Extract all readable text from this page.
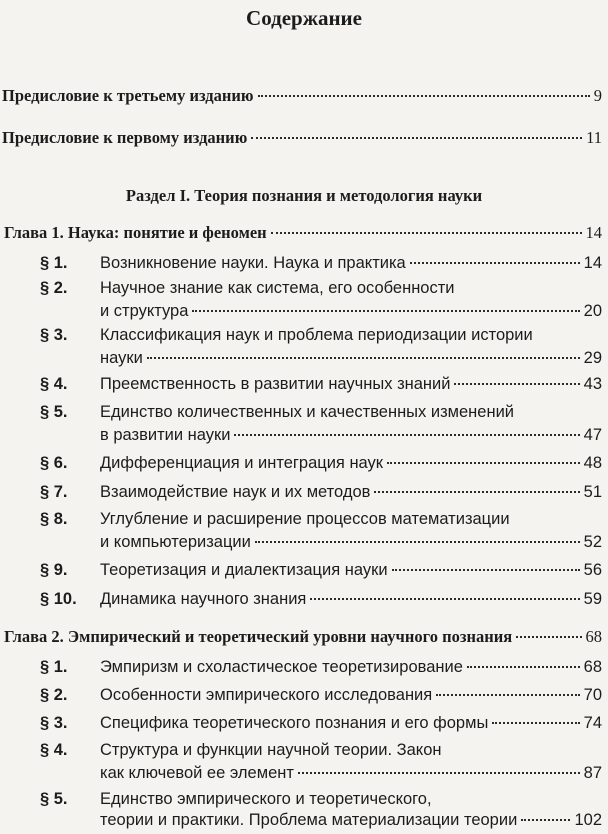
Содержание
Предисловие к третьему изданию	9
Предисловие к первому изданию	11
Раздел I. Теория познания и методология науки
Глава 1. Наука: понятие и феномен	14
§ 1.	Возникновение науки. Наука и практика	14
§ 2. Научное знание как система, его особенности
и структура	20
§ 3. Классификация наук и проблема периодизации истории
науки	29
§ 4.	Преемственность в развитии научных знаний	43
§ 5. Единство количественных и качественных изменений
в развитии науки	47
§ 6.	Дифференциация и интеграция наук	48
§ 7.	Взаимодействие наук и их методов	51
§ 8. Углубление и расширение процессов математизации
и компьютеризации	52
§ 9.	Теоретизация и диалектизация науки	56
§ 10.	Динамика научного знания	59
Глава 2. Эмпирический и теоретический уровни научного познания	68
§ 1.	Эмпиризм и схоластическое теоретизирование	68
§ 2.	Особенности эмпирического исследования	70
§ 3.	Специфика теоретического познания и его формы	74
§ 4. Структура и функции научной теории. Закон
как ключевой ее элемент	87
§ 5. Единство эмпирического и теоретического,
теории и практики. Проблема материализации теории	102
